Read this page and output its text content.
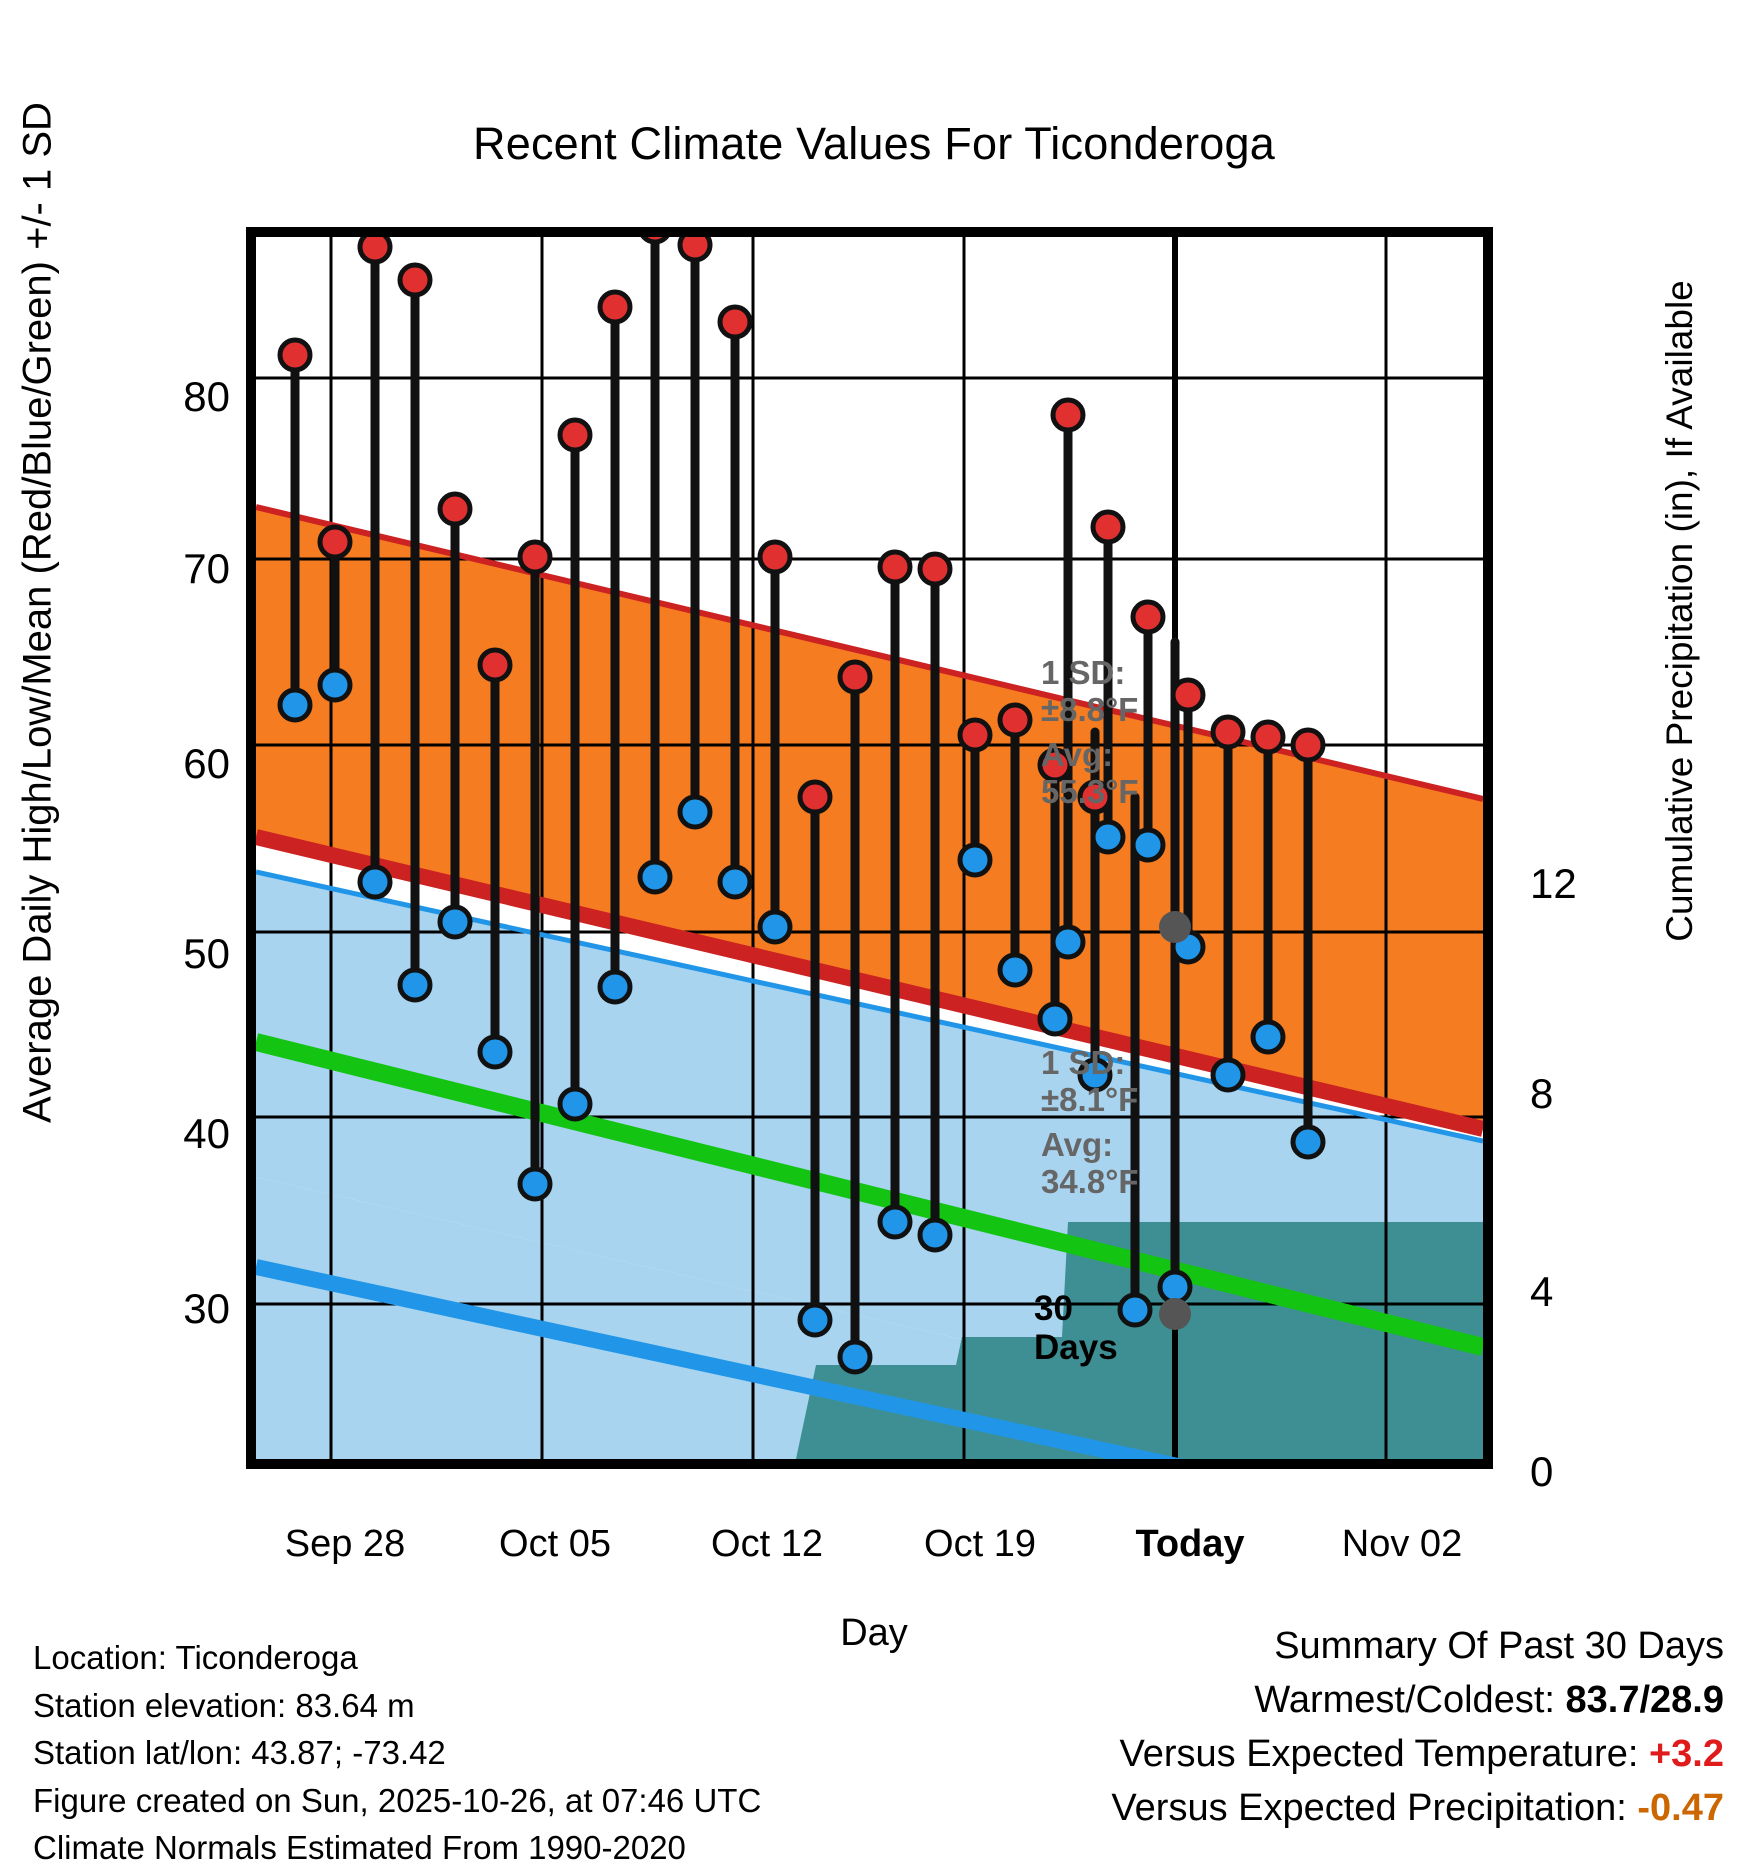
Recent Climate Values For Ticonderoga
Average Daily High/Low/Mean (Red/Blue/Green) +/- 1 SD	Cumulative Precipitation (in), If Available
Day
80
70
60
50
40
30
12
8
4
0
Sep 28	Oct 05	Oct 12	Oct 19	Today	Nov 02
1 SD:
±8.8°F
Avg:
55.3°F
1 SD:
±8.1°F
Avg:
34.8°F
30
Days
Location: Ticonderoga
Station elevation: 83.64 m
Station lat/lon: 43.87; -73.42
Figure created on Sun, 2025-10-26, at 07:46 UTC
Climate Normals Estimated From 1990-2020
Summary Of Past 30 Days
Warmest/Coldest: 83.7/28.9
Versus Expected Temperature: +3.2
Versus Expected Precipitation: -0.47
